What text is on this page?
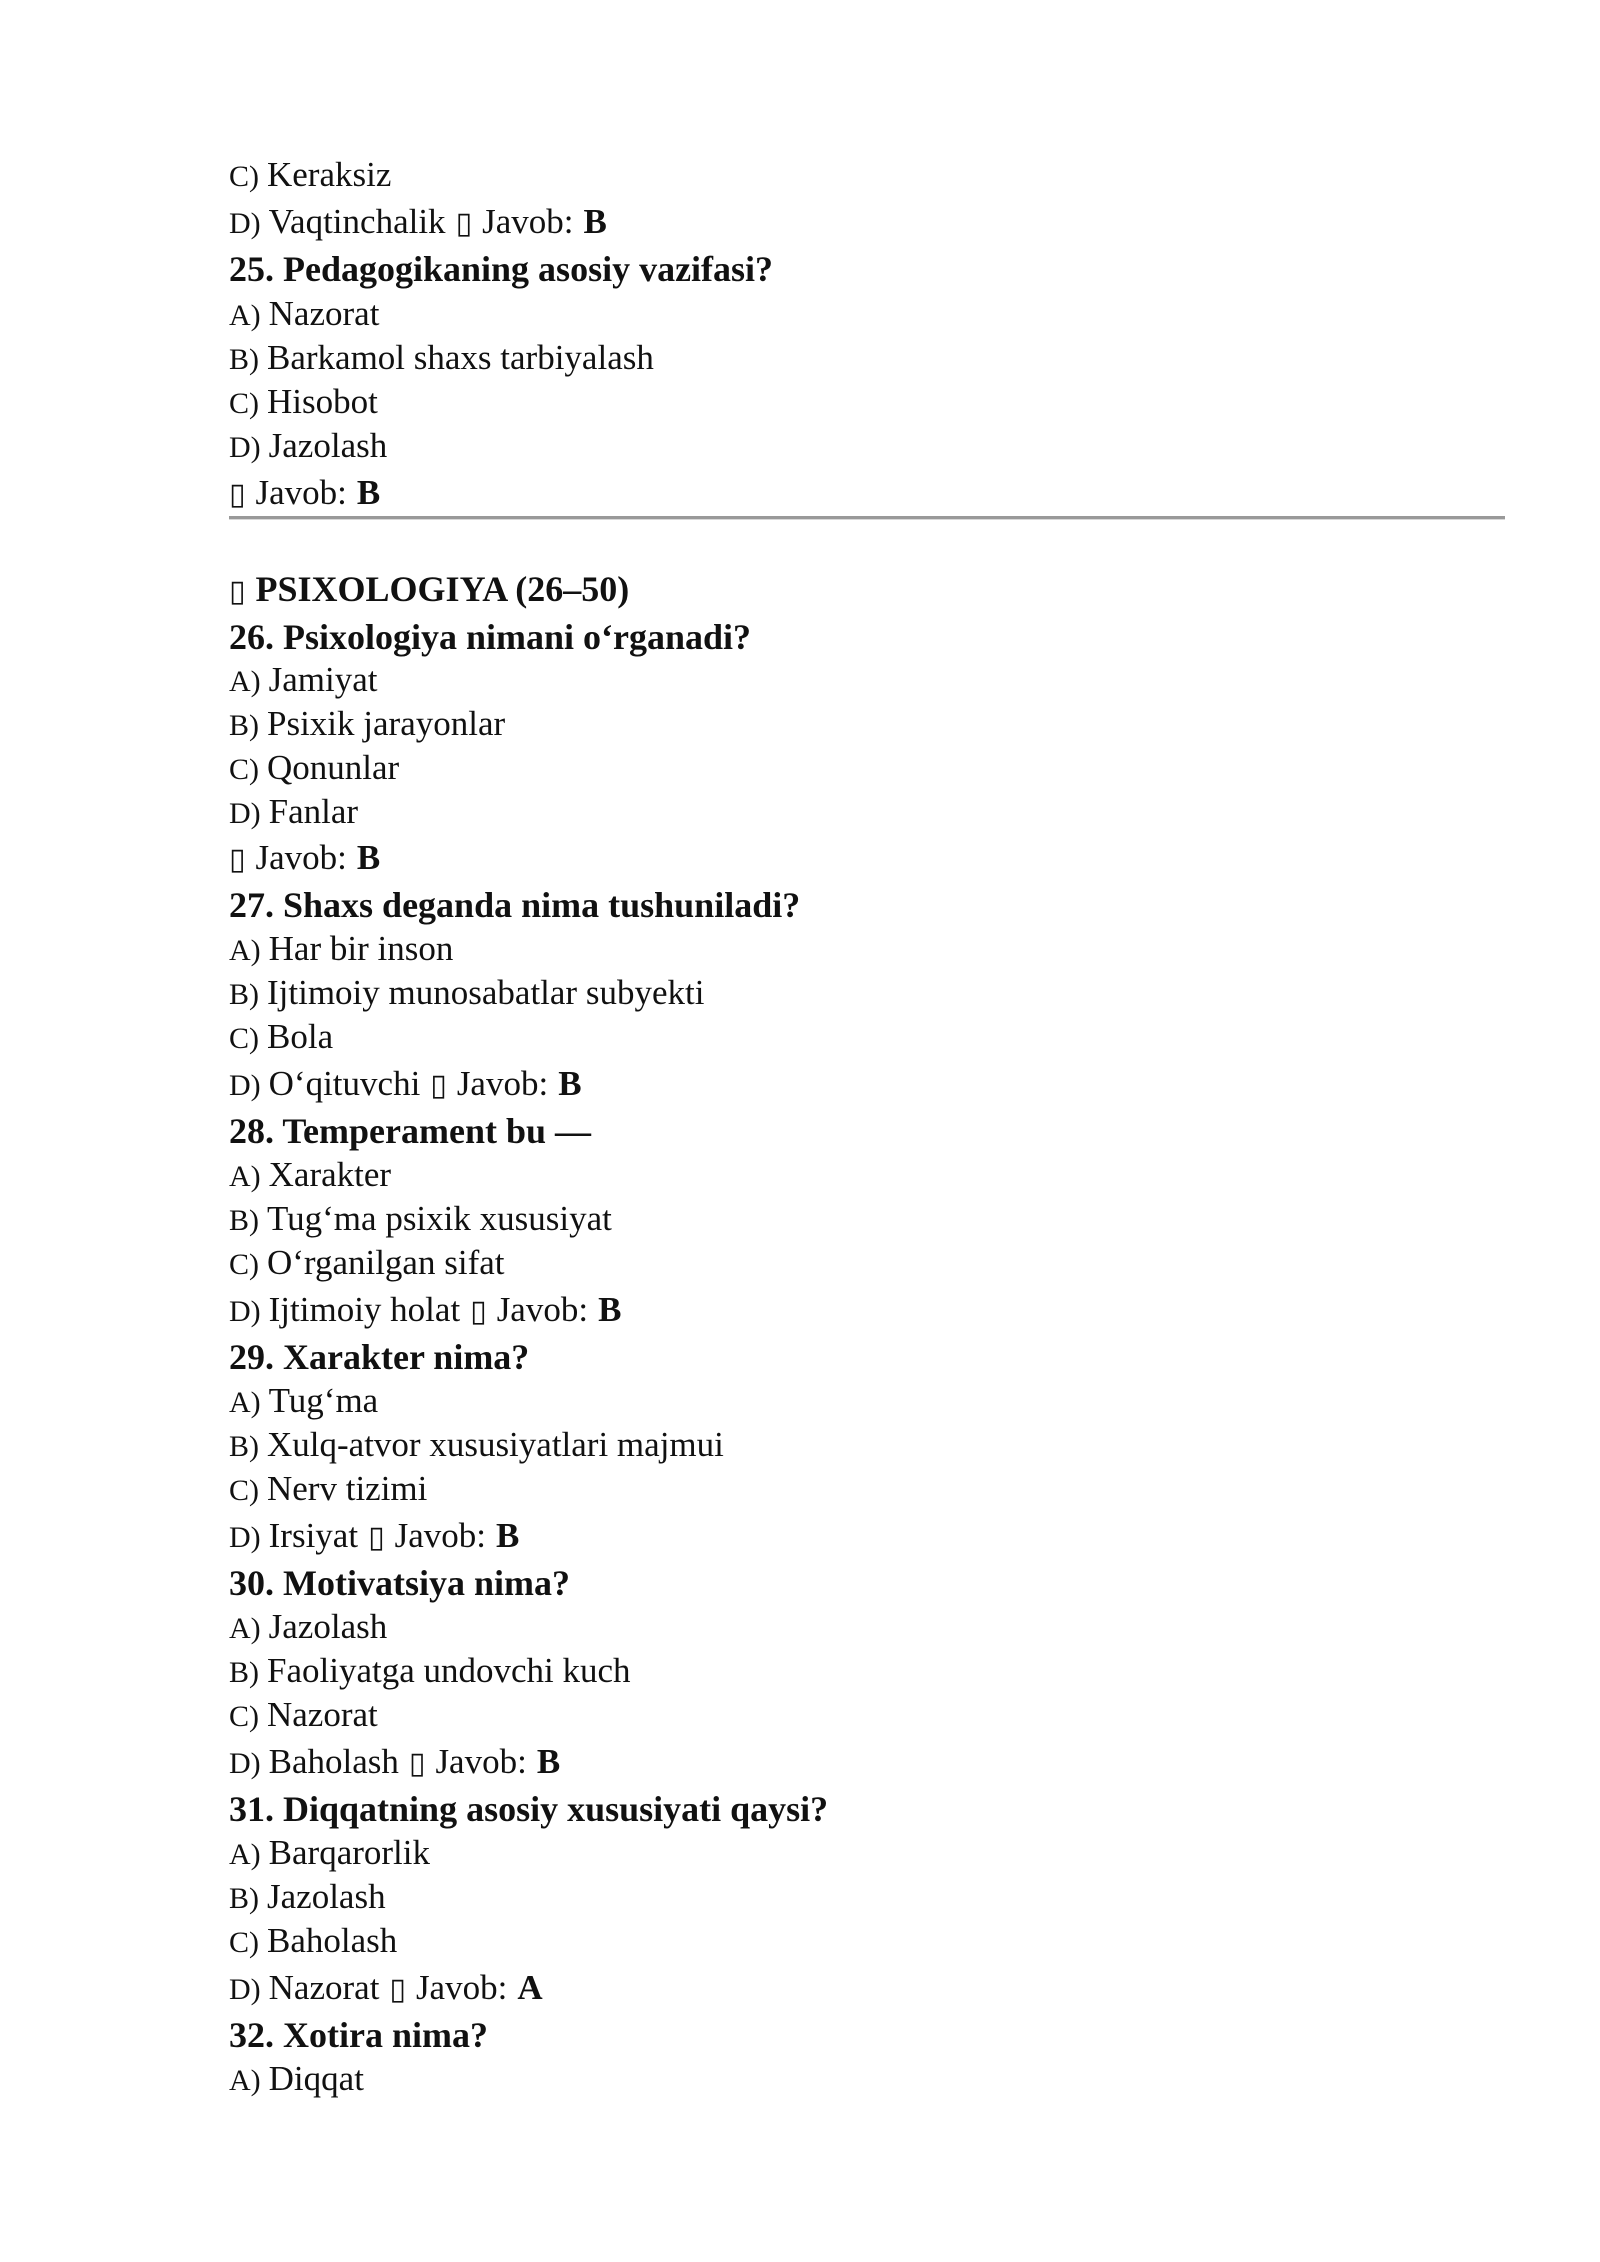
C) Keraksiz
D) Vaqtinchalik ▯ Javob: B
25. Pedagogikaning asosiy vazifasi?
A) Nazorat
B) Barkamol shaxs tarbiyalash
C) Hisobot
D) Jazolash
▯ Javob: B
▯ PSIXOLOGIYA (26–50)
26. Psixologiya nimani o‘rganadi?
A) Jamiyat
B) Psixik jarayonlar
C) Qonunlar
D) Fanlar
▯ Javob: B
27. Shaxs deganda nima tushuniladi?
A) Har bir inson
B) Ijtimoiy munosabatlar subyekti
C) Bola
D) O‘qituvchi ▯ Javob: B
28. Temperament bu —
A) Xarakter
B) Tug‘ma psixik xususiyat
C) O‘rganilgan sifat
D) Ijtimoiy holat ▯ Javob: B
29. Xarakter nima?
A) Tug‘ma
B) Xulq-atvor xususiyatlari majmui
C) Nerv tizimi
D) Irsiyat ▯ Javob: B
30. Motivatsiya nima?
A) Jazolash
B) Faoliyatga undovchi kuch
C) Nazorat
D) Baholash ▯ Javob: B
31. Diqqatning asosiy xususiyati qaysi?
A) Barqarorlik
B) Jazolash
C) Baholash
D) Nazorat ▯ Javob: A
32. Xotira nima?
A) Diqqat
